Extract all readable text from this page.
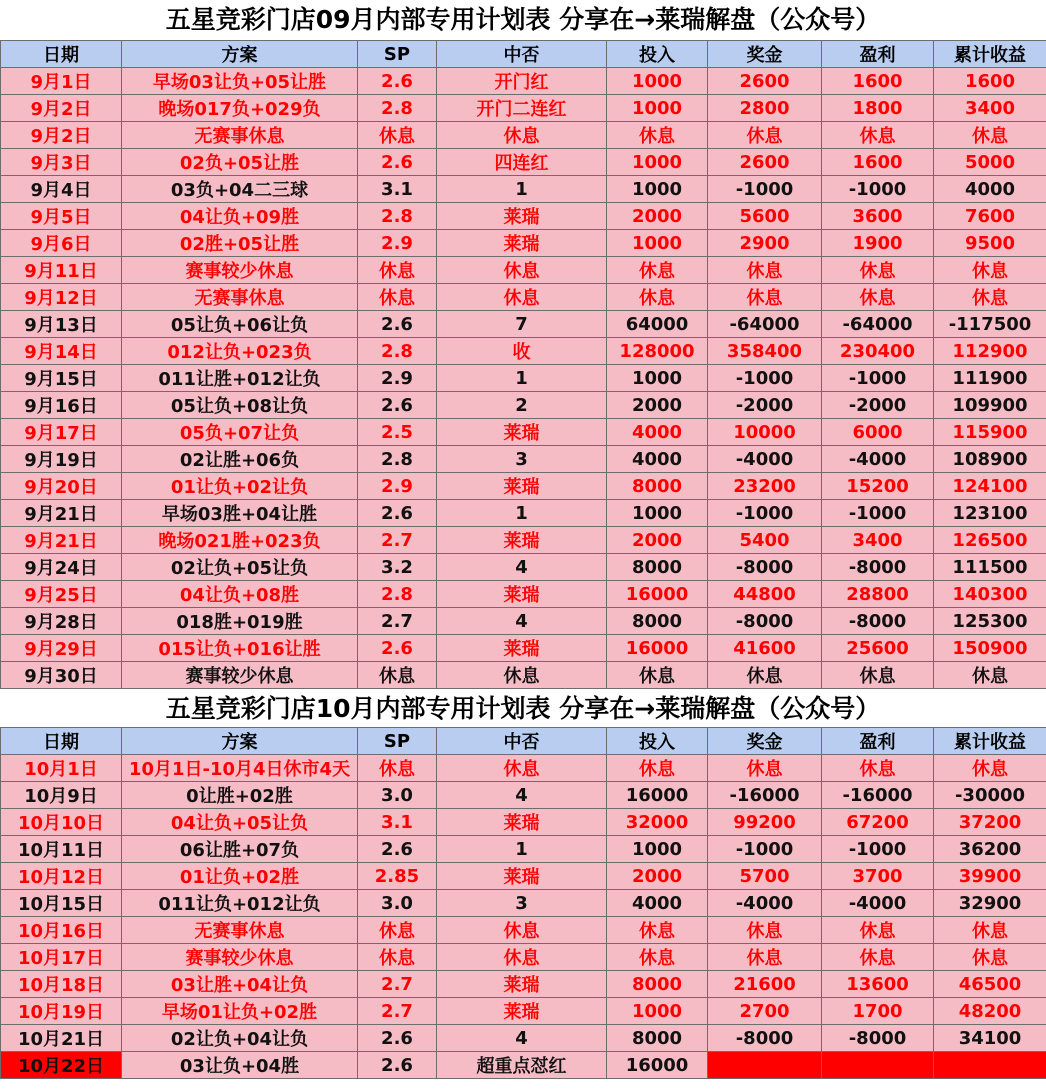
五星竞彩门店09月内部专用计划表 分享在→莱瑞解盘（公众号）
日期	方案	SP	中否	投入	奖金	盈利	累计收益
9月1日	早场03让负+05让胜	2.6	开门红	1000	2600	1600	1600
9月2日	晚场017负+029负	2.8	开门二连红	1000	2800	1800	3400
9月2日	无赛事休息	休息	休息	休息	休息	休息	休息
9月3日	02负+05让胜	2.6	四连红	1000	2600	1600	5000
9月4日	03负+04二三球	3.1	1	1000	-1000	-1000	4000
9月5日	04让负+09胜	2.8	莱瑞	2000	5600	3600	7600
9月6日	02胜+05让胜	2.9	莱瑞	1000	2900	1900	9500
9月11日	赛事较少休息	休息	休息	休息	休息	休息	休息
9月12日	无赛事休息	休息	休息	休息	休息	休息	休息
9月13日	05让负+06让负	2.6	7	64000	-64000	-64000	-117500
9月14日	012让负+023负	2.8	收	128000	358400	230400	112900
9月15日	011让胜+012让负	2.9	1	1000	-1000	-1000	111900
9月16日	05让负+08让负	2.6	2	2000	-2000	-2000	109900
9月17日	05负+07让负	2.5	莱瑞	4000	10000	6000	115900
9月19日	02让胜+06负	2.8	3	4000	-4000	-4000	108900
9月20日	01让负+02让负	2.9	莱瑞	8000	23200	15200	124100
9月21日	早场03胜+04让胜	2.6	1	1000	-1000	-1000	123100
9月21日	晚场021胜+023负	2.7	莱瑞	2000	5400	3400	126500
9月24日	02让负+05让负	3.2	4	8000	-8000	-8000	111500
9月25日	04让负+08胜	2.8	莱瑞	16000	44800	28800	140300
9月28日	018胜+019胜	2.7	4	8000	-8000	-8000	125300
9月29日	015让负+016让胜	2.6	莱瑞	16000	41600	25600	150900
9月30日	赛事较少休息	休息	休息	休息	休息	休息	休息
五星竞彩门店10月内部专用计划表 分享在→莱瑞解盘（公众号）
日期	方案	SP	中否	投入	奖金	盈利	累计收益
10月1日	10月1日-10月4日休市4天	休息	休息	休息	休息	休息	休息
10月9日	0让胜+02胜	3.0	4	16000	-16000	-16000	-30000
10月10日	04让负+05让负	3.1	莱瑞	32000	99200	67200	37200
10月11日	06让胜+07负	2.6	1	1000	-1000	-1000	36200
10月12日	01让负+02胜	2.85	莱瑞	2000	5700	3700	39900
10月15日	011让负+012让负	3.0	3	4000	-4000	-4000	32900
10月16日	无赛事休息	休息	休息	休息	休息	休息	休息
10月17日	赛事较少休息	休息	休息	休息	休息	休息	休息
10月18日	03让胜+04让负	2.7	莱瑞	8000	21600	13600	46500
10月19日	早场01让负+02胜	2.7	莱瑞	1000	2700	1700	48200
10月21日	02让负+04让负	2.6	4	8000	-8000	-8000	34100
10月22日	03让负+04胜	2.6	超重点怼红	16000			
